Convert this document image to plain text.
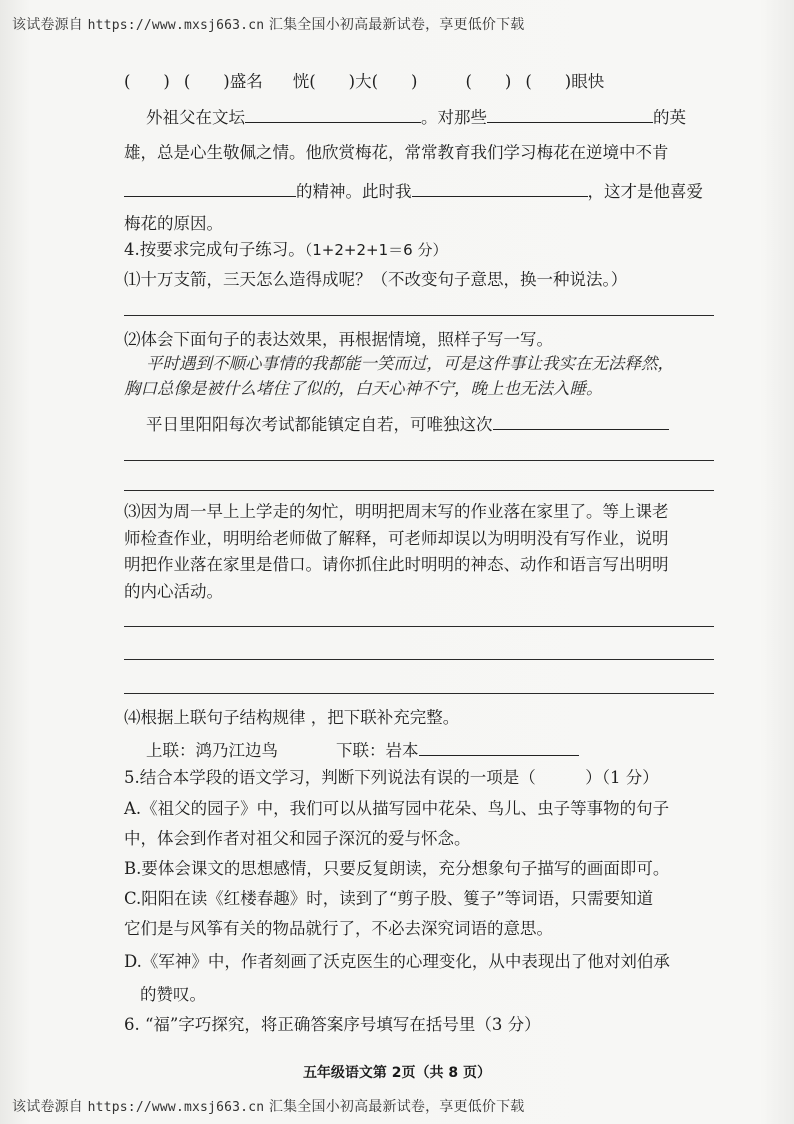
该试卷源自 https://www.mxsj663.cn 汇集全国小初高最新试卷，享更低价下载
(　　) (　　)盛名 恍(　　)大(　　)	(　　) (　　)眼快
外祖父在文坛	。对那些	的英
雄，总是心生敬佩之情。他欣赏梅花，常常教育我们学习梅花在逆境中不肯
的精神。此时我	，这才是他喜爱
梅花的原因。
4.按要求完成句子练习。（1+2+2+1＝6 分）
⑴十万支箭，三天怎么造得成呢？（不改变句子意思，换一种说法。）
⑵体会下面句子的表达效果，再根据情境，照样子写一写。
平时遇到不顺心事情的我都能一笑而过，可是这件事让我实在无法释然，
胸口总像是被什么堵住了似的，白天心神不宁，晚上也无法入睡。
平日里阳阳每次考试都能镇定自若，可唯独这次
⑶因为周一早上上学走的匆忙，明明把周末写的作业落在家里了。等上课老
师检查作业，明明给老师做了解释，可老师却误以为明明没有写作业，说明
明把作业落在家里是借口。请你抓住此时明明的神态、动作和语言写出明明
的内心活动。
⑷根据上联句子结构规律 ，把下联补充完整。
上联：鸿乃江边鸟	下联：岩本
5.结合本学段的语文学习，判断下列说法有误的一项是（　　　）（1 分）
A.《祖父的园子》中，我们可以从描写园中花朵、鸟儿、虫子等事物的句子
中，体会到作者对祖父和园子深沉的爱与怀念。
B.要体会课文的思想感情，只要反复朗读，充分想象句子描写的画面即可。
C.阳阳在读《红楼春趣》时，读到了“剪子股、篗子”等词语，只需要知道
它们是与风筝有关的物品就行了，不必去深究词语的意思。
D.《军神》中，作者刻画了沃克医生的心理变化，从中表现出了他对刘伯承
的赞叹。
6. “福”字巧探究，将正确答案序号填写在括号里（3 分）
五年级语文第 2页（共 8 页）
该试卷源自 https://www.mxsj663.cn 汇集全国小初高最新试卷，享更低价下载
